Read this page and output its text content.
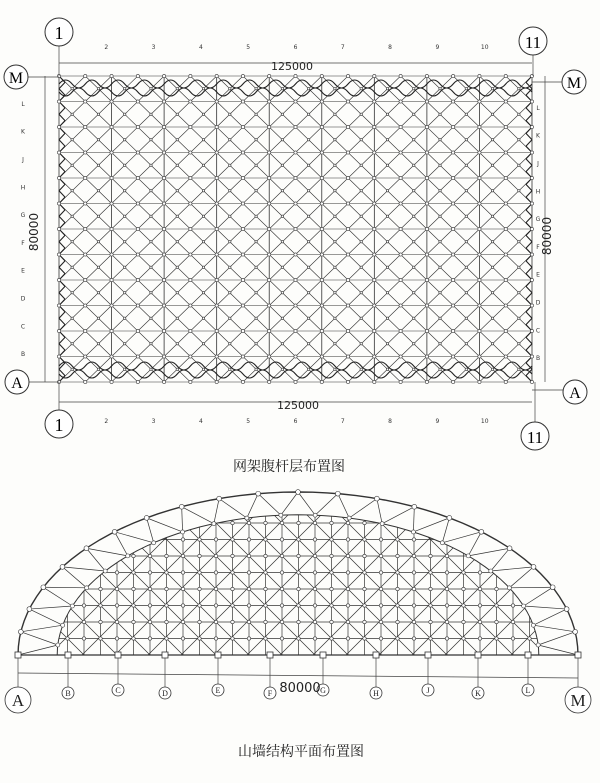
1	11
1
11
M	M
A
A
125000
125000
80000	80000
2
2
3
3
4
4
5
5
6
6
7
7
8
8
9
9
10
10
L
L
K
K
J
J
H
H
G
G
F
F
E
E
D
D
C
C
B
B
网架腹杆层布置图
A	B	C	D	E	F	G	H	J	K	L
M
80000
山墙结构平面布置图
